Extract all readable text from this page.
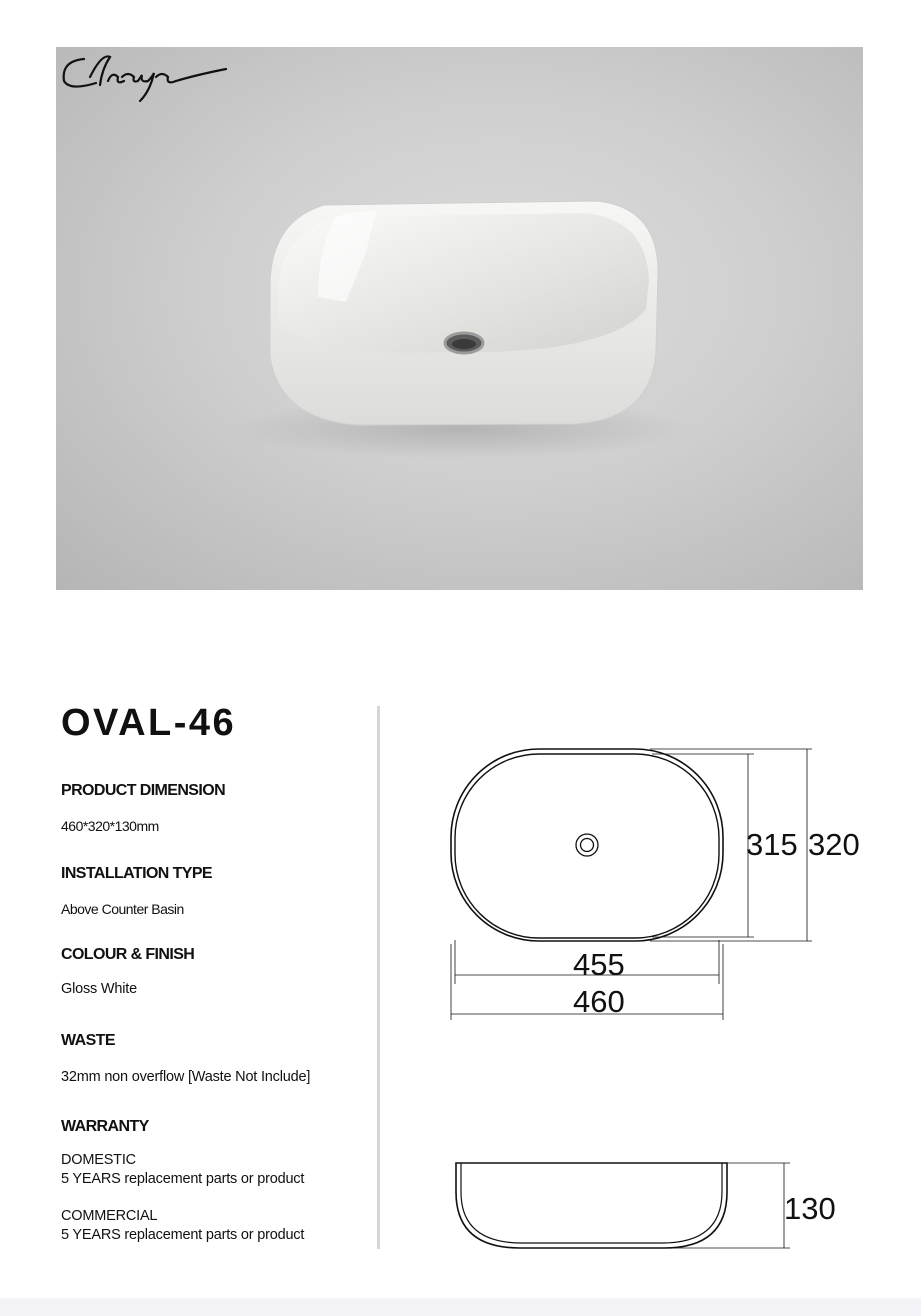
OVAL-46
PRODUCT DIMENSION
460*320*130mm
INSTALLATION TYPE
Above Counter Basin
COLOUR & FINISH
Gloss White
WASTE
32mm non overflow [Waste Not Include]
WARRANTY
DOMESTIC
5 YEARS replacement parts or product
COMMERCIAL
5 YEARS replacement parts or product
315 320
455
460
130
